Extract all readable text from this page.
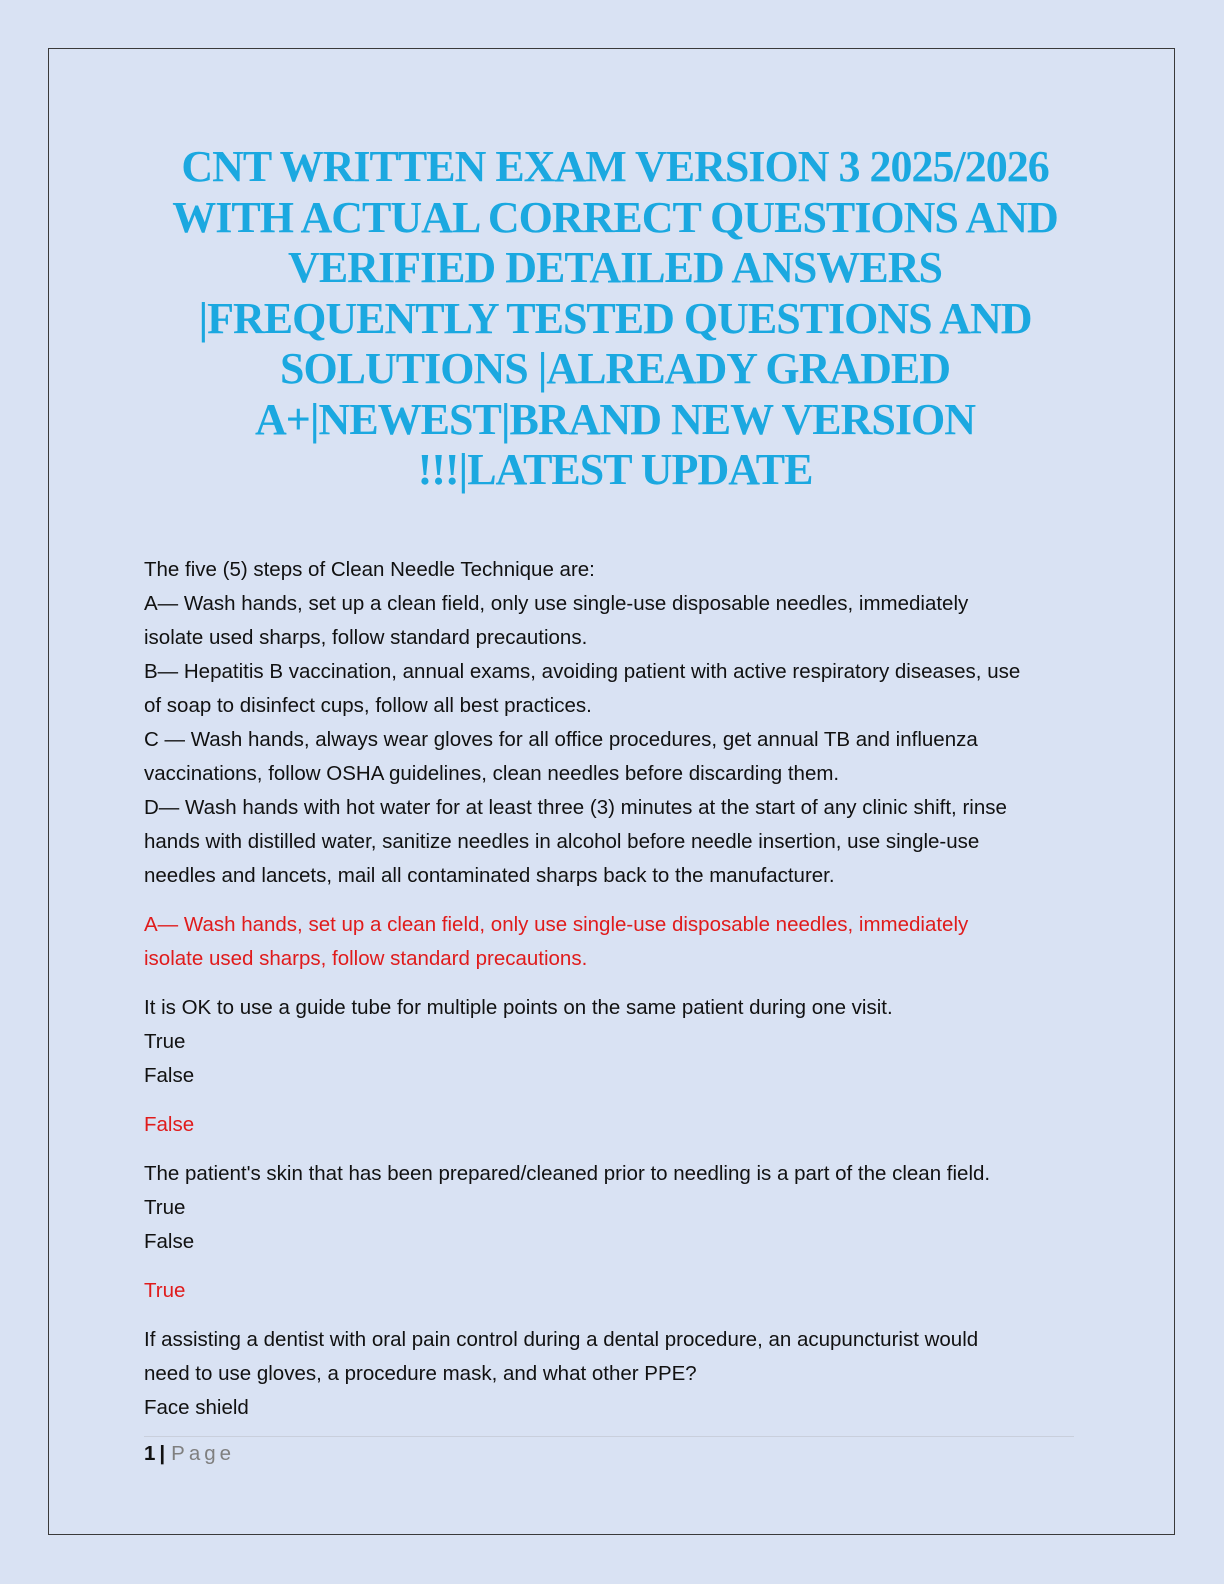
CNT WRITTEN EXAM VERSION 3 2025/2026
WITH ACTUAL CORRECT QUESTIONS AND
VERIFIED DETAILED ANSWERS
|FREQUENTLY TESTED QUESTIONS AND
SOLUTIONS |ALREADY GRADED
A+|NEWEST|BRAND NEW VERSION
!!!|LATEST UPDATE

The five (5) steps of Clean Needle Technique are:

A— Wash hands, set up a clean field, only use single-use disposable needles, immediately

isolate used sharps, follow standard precautions.

B— Hepatitis B vaccination, annual exams, avoiding patient with active respiratory diseases, use

of soap to disinfect cups, follow all best practices.

C — Wash hands, always wear gloves for all office procedures, get annual TB and influenza

vaccinations, follow OSHA guidelines, clean needles before discarding them.

D— Wash hands with hot water for at least three (3) minutes at the start of any clinic shift, rinse

hands with distilled water, sanitize needles in alcohol before needle insertion, use single-use

needles and lancets, mail all contaminated sharps back to the manufacturer.

A— Wash hands, set up a clean field, only use single-use disposable needles, immediately

isolate used sharps, follow standard precautions.

It is OK to use a guide tube for multiple points on the same patient during one visit.

True

False

False

The patient's skin that has been prepared/cleaned prior to needling is a part of the clean field.

True

False

True

If assisting a dentist with oral pain control during a dental procedure, an acupuncturist would

need to use gloves, a procedure mask, and what other PPE?

Face shield

1 | Page
